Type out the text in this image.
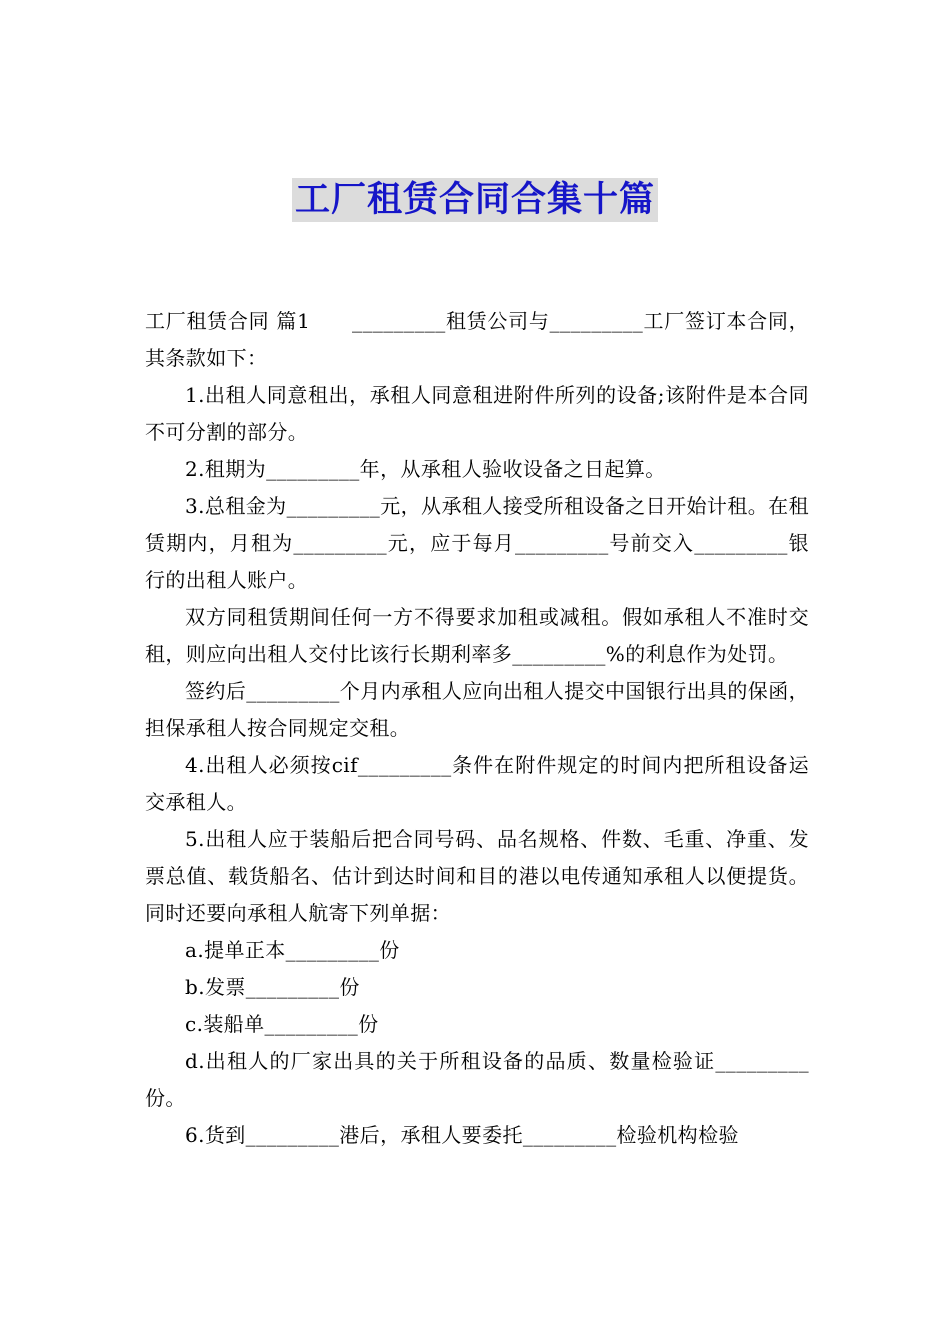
工厂租赁合同合集十篇

工厂租赁合同 篇1　　_________租赁公司与_________工厂签订本合同，其条款如下：

1.出租人同意租出，承租人同意租进附件所列的设备;该附件是本合同不可分割的部分。

2.租期为_________年，从承租人验收设备之日起算。

3.总租金为_________元，从承租人接受所租设备之日开始计租。在租赁期内，月租为_________元，应于每月_________号前交入_________银行的出租人账户。

双方同租赁期间任何一方不得要求加租或减租。假如承租人不准时交租，则应向出租人交付比该行长期利率多_________%的利息作为处罚。

签约后_________个月内承租人应向出租人提交中国银行出具的保函，担保承租人按合同规定交租。

4.出租人必须按cif_________条件在附件规定的时间内把所租设备运交承租人。

5.出租人应于装船后把合同号码、品名规格、件数、毛重、净重、发票总值、载货船名、估计到达时间和目的港以电传通知承租人以便提货。同时还要向承租人航寄下列单据：

a.提单正本_________份

b.发票_________份

c.装船单_________份

d.出租人的厂家出具的关于所租设备的品质、数量检验证_________份。

6.货到_________港后，承租人要委托_________检验机构检验
